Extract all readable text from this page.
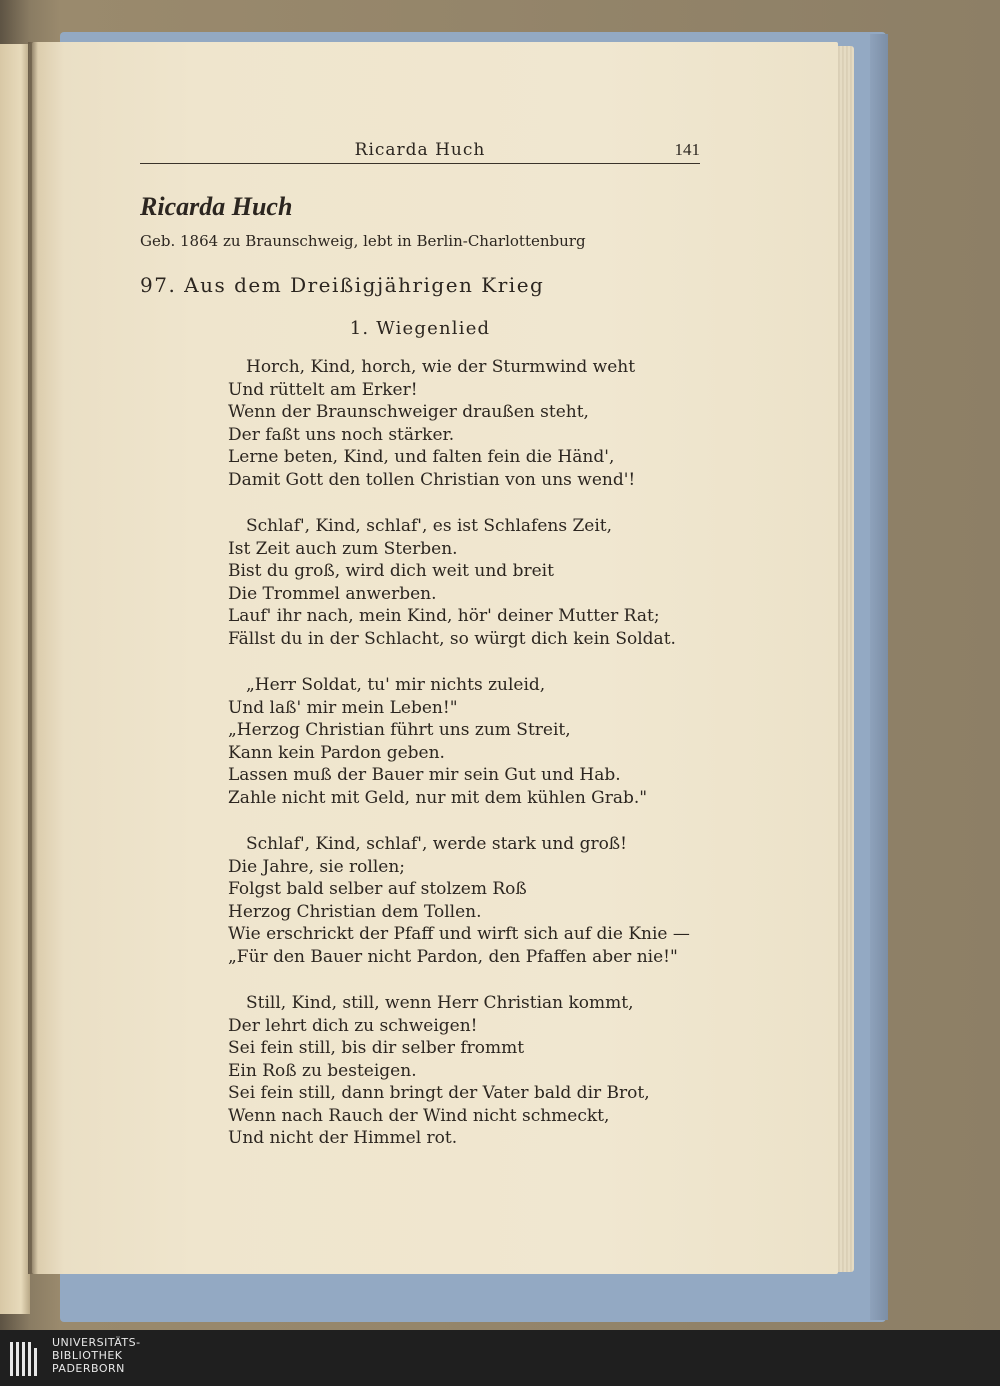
Ricarda Huch	141
Ricarda Huch
Geb. 1864 zu Braunschweig, lebt in Berlin-Charlottenburg
97. Aus dem Dreißigjährigen Krieg
1. Wiegenlied
Horch, Kind, horch, wie der Sturmwind weht
Und rüttelt am Erker!
Wenn der Braunschweiger draußen steht,
Der faßt uns noch stärker.
Lerne beten, Kind, und falten fein die Händ',
Damit Gott den tollen Christian von uns wend'!
Schlaf', Kind, schlaf', es ist Schlafens Zeit,
Ist Zeit auch zum Sterben.
Bist du groß, wird dich weit und breit
Die Trommel anwerben.
Lauf' ihr nach, mein Kind, hör' deiner Mutter Rat;
Fällst du in der Schlacht, so würgt dich kein Soldat.
„Herr Soldat, tu' mir nichts zuleid,
Und laß' mir mein Leben!"
„Herzog Christian führt uns zum Streit,
Kann kein Pardon geben.
Lassen muß der Bauer mir sein Gut und Hab.
Zahle nicht mit Geld, nur mit dem kühlen Grab."
Schlaf', Kind, schlaf', werde stark und groß!
Die Jahre, sie rollen;
Folgst bald selber auf stolzem Roß
Herzog Christian dem Tollen.
Wie erschrickt der Pfaff und wirft sich auf die Knie —
„Für den Bauer nicht Pardon, den Pfaffen aber nie!"
Still, Kind, still, wenn Herr Christian kommt,
Der lehrt dich zu schweigen!
Sei fein still, bis dir selber frommt
Ein Roß zu besteigen.
Sei fein still, dann bringt der Vater bald dir Brot,
Wenn nach Rauch der Wind nicht schmeckt,
Und nicht der Himmel rot.
UNIVERSITÄTS-
BIBLIOTHEK
PADERBORN
